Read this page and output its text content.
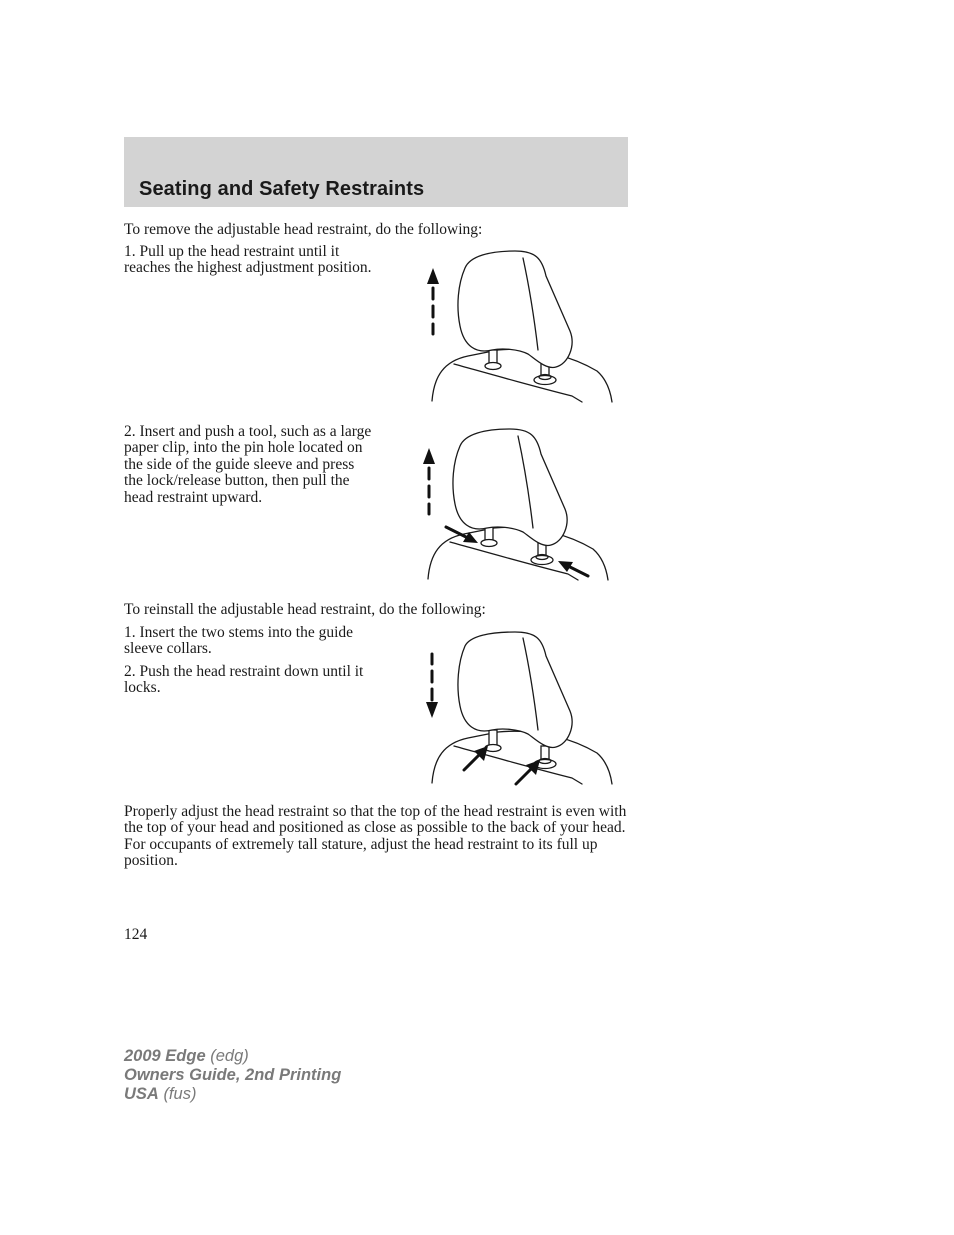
Seating and Safety Restraints

To remove the adjustable head restraint, do the following:

1. Pull up the head restraint until it reaches the highest adjustment position.

2. Insert and push a tool, such as a large paper clip, into the pin hole located on the side of the guide sleeve and press the lock/release button, then pull the head restraint upward.

To reinstall the adjustable head restraint, do the following:

1. Insert the two stems into the guide sleeve collars.

2. Push the head restraint down until it locks.

Properly adjust the head restraint so that the top of the head restraint is even with the top of your head and positioned as close as possible to the back of your head. For occupants of extremely tall stature, adjust the head restraint to its full up position.

124

2009 Edge (edg)
Owners Guide, 2nd Printing
USA (fus)
